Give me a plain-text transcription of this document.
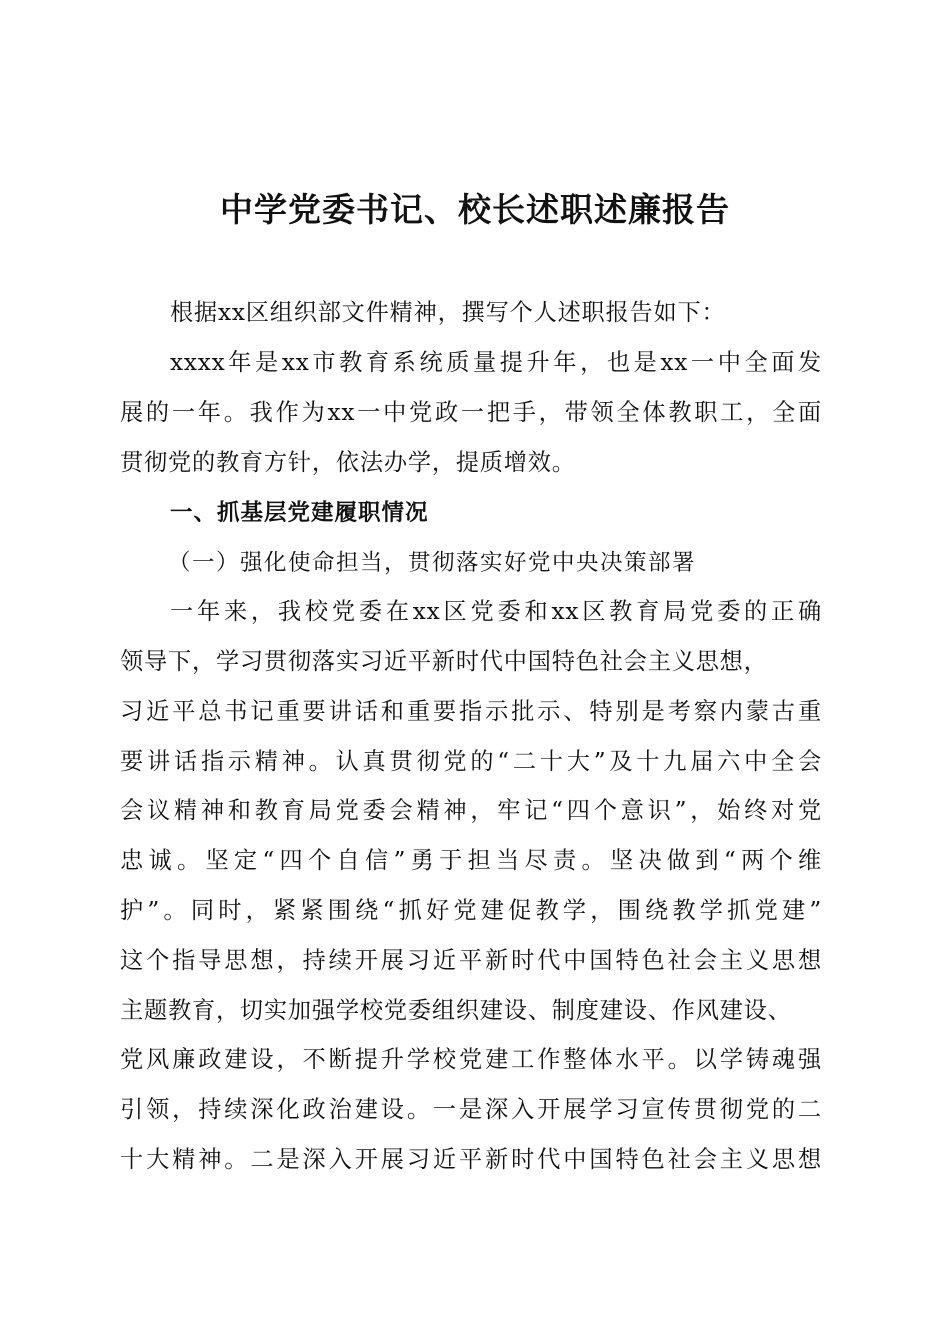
中学党委书记、校长述职述廉报告

根据xx区组织部文件精神，撰写个人述职报告如下：

xxxx年是xx市教育系统质量提升年，也是xx一中全面发

展的一年。我作为xx一中党政一把手，带领全体教职工，全面

贯彻党的教育方针，依法办学，提质增效。

一、抓基层党建履职情况

（一）强化使命担当，贯彻落实好党中央决策部署

一年来，我校党委在xx区党委和xx区教育局党委的正确

领导下，学习贯彻落实习近平新时代中国特色社会主义思想，

习近平总书记重要讲话和重要指示批示、特别是考察内蒙古重

要讲话指示精神。认真贯彻党的“二十大”及十九届六中全会

会议精神和教育局党委会精神，牢记“四个意识”，始终对党

忠诚。坚定“四个自信”勇于担当尽责。坚决做到“两个维

护”。同时，紧紧围绕“抓好党建促教学，围绕教学抓党建”

这个指导思想，持续开展习近平新时代中国特色社会主义思想

主题教育，切实加强学校党委组织建设、制度建设、作风建设、

党风廉政建设，不断提升学校党建工作整体水平。以学铸魂强

引领，持续深化政治建设。一是深入开展学习宣传贯彻党的二

十大精神。二是深入开展习近平新时代中国特色社会主义思想
